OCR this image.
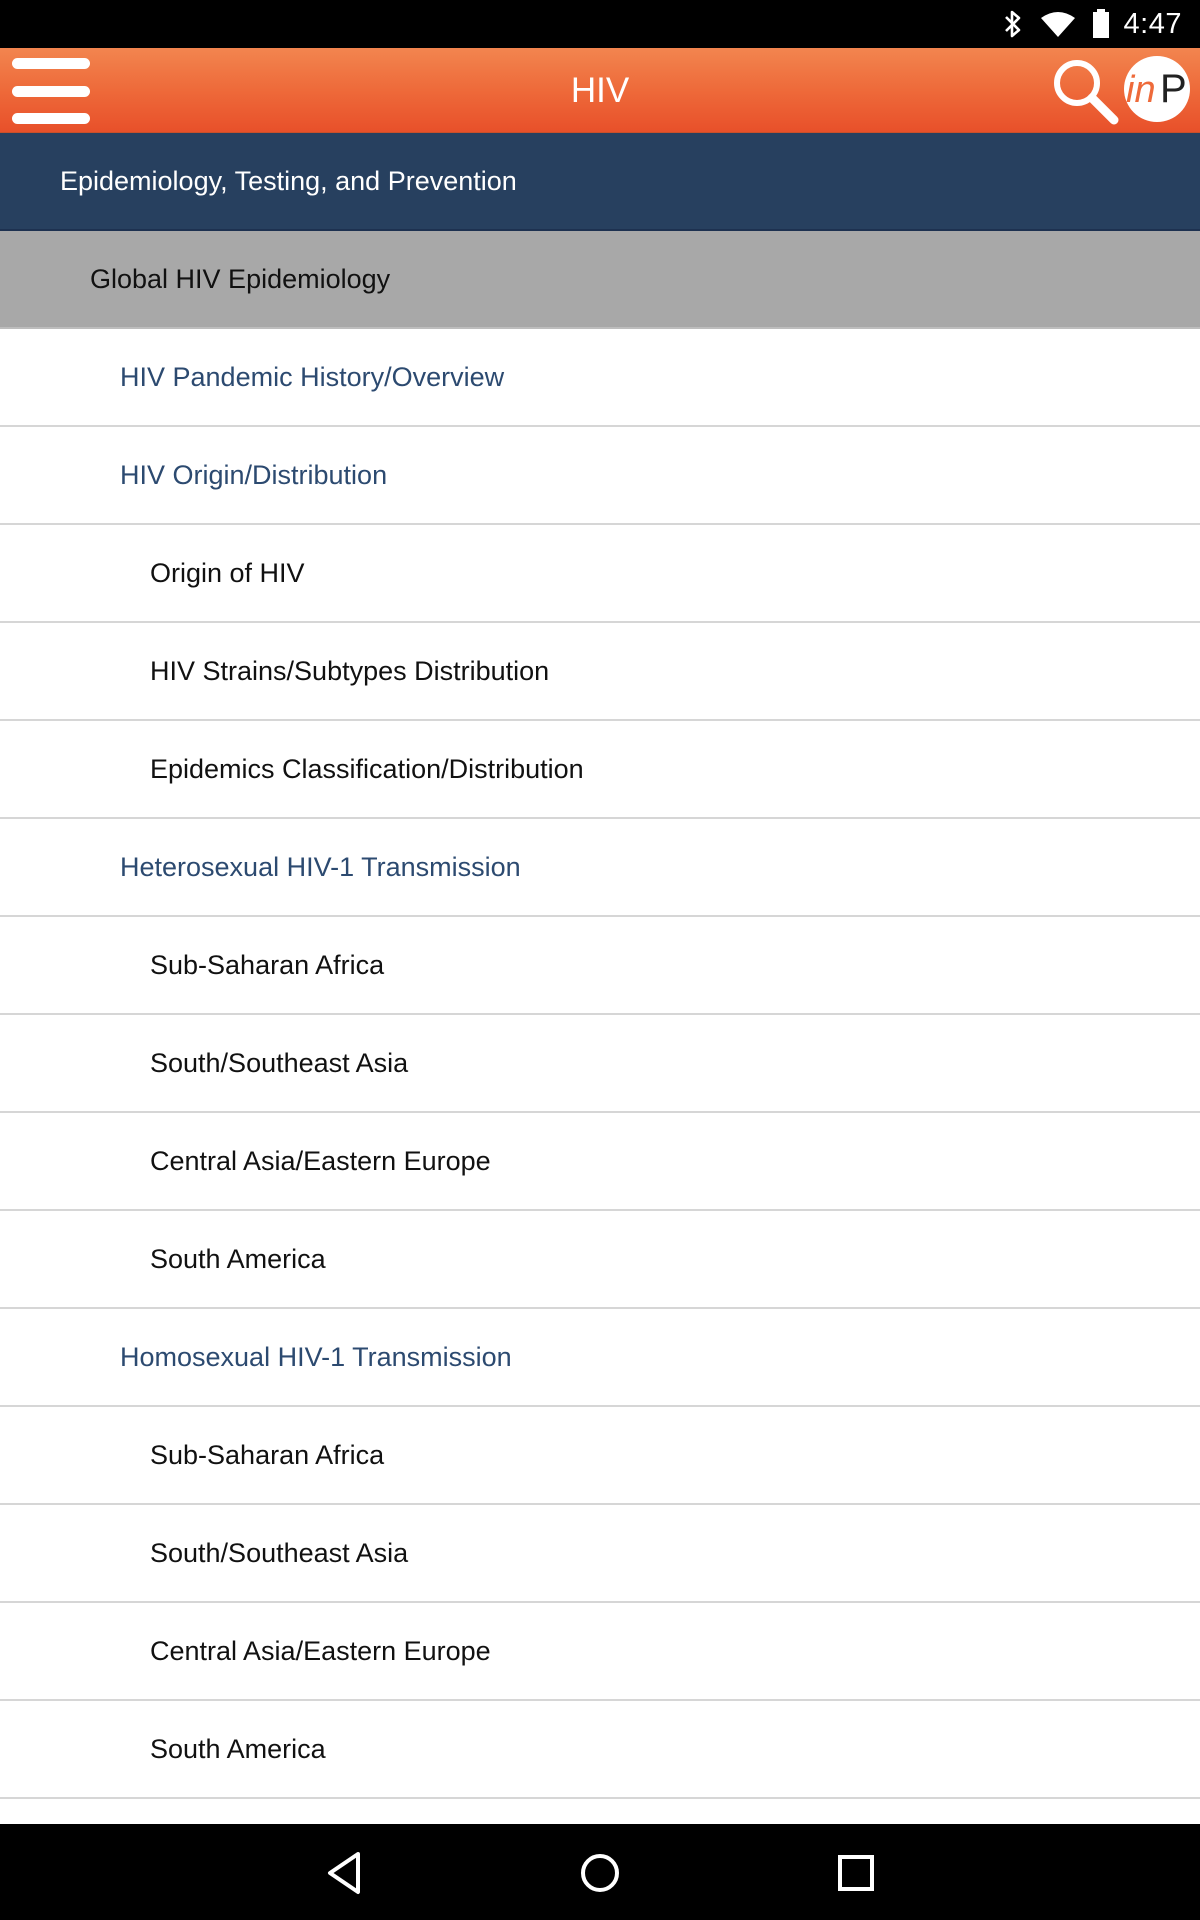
4:47
HIV	in P
Epidemiology, Testing, and Prevention
Global HIV Epidemiology
HIV Pandemic History/Overview
HIV Origin/Distribution
Origin of HIV
HIV Strains/Subtypes Distribution
Epidemics Classification/Distribution
Heterosexual HIV-1 Transmission
Sub-Saharan Africa
South/Southeast Asia
Central Asia/Eastern Europe
South America
Homosexual HIV-1 Transmission
Sub-Saharan Africa
South/Southeast Asia
Central Asia/Eastern Europe
South America
